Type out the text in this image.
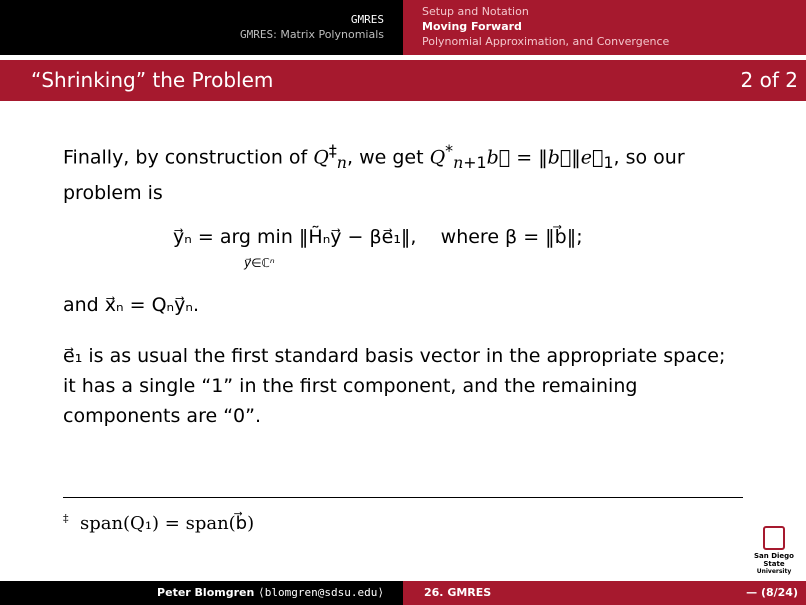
GMRES
GMRES: Matrix Polynomials
Setup and Notation
Moving Forward
Polynomial Approximation, and Convergence
“Shrinking” the Problem	2 of 2
Finally, by construction of $Q^\ddagger_n$, we get $Q^*_{n+1}b⃗$ = $‖b⃗‖e⃗_1$, so our problem is
y⃗ₙ = arg min ‖H̃ₙy⃗ − βe⃗₁‖, where β = ‖b⃗‖;
y⃗∈ℂⁿ
and x⃗ₙ = Qₙy⃗ₙ.
e⃗₁ is as usual the first standard basis vector in the appropriate space; it has a single “1” in the first component, and the remaining components are “0”.
‡ span(Q₁) = span(b⃗)
San Diego State
University
Peter Blomgren ⟨blomgren@sdsu.edu⟩	26. GMRES	— (8/24)
